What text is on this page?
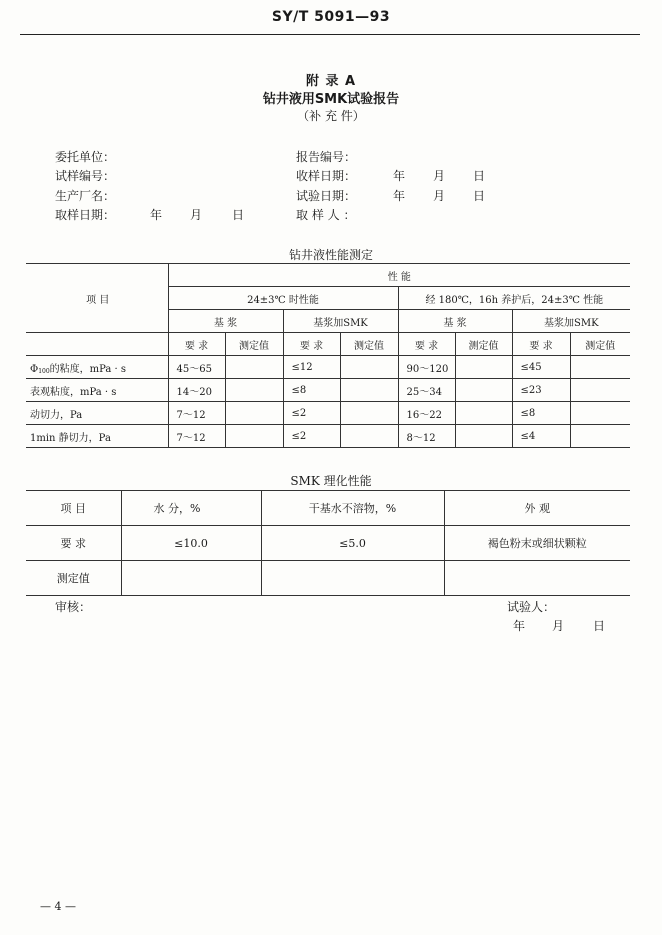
SY/T 5091—93
附 录 A
钻井液用SMK试验报告
（补 充 件）
委托单位：	报告编号：
试样编号：	收样日期：	年 月 日
生产厂名：	试验日期：	年 月 日
取样日期：	年 月 日	取 样 人 ：
钻井液性能测定
项 目	性 能							
	24±3℃ 时性能				经 180℃，16h 养护后，24±3℃ 性能			
	基 浆		基浆加SMK		基 浆		基浆加SMK	
	要 求	测定值	要 求	测定值	要 求	测定值	要 求	测定值
Φ100的粘度，mPa · s	45～65		≤12		90～120		≤45	
表观粘度，mPa · s	14～20		≤8		25～34		≤23	
动切力，Pa	7～12		≤2		16～22		≤8	
1min 静切力，Pa	7～12		≤2		8～12		≤4	
SMK 理化性能
项 目	水 分，%	干基水不溶物，%	外 观
要 求	≤10.0	≤5.0	褐色粉末或细状颗粒
测定值			
审核：	试验人：
年 月 日
— 4 —
